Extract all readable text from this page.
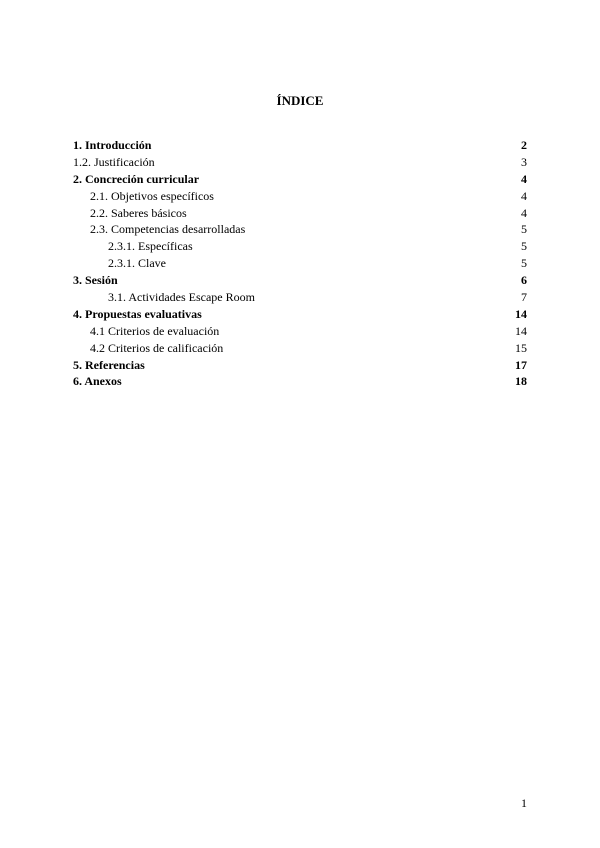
ÍNDICE
1. Introducción	2
1.2. Justificación	3
2. Concreción curricular	4
2.1. Objetivos específicos	4
2.2. Saberes básicos	4
2.3. Competencias desarrolladas	5
2.3.1. Específicas	5
2.3.1. Clave	5
3. Sesión	6
3.1. Actividades Escape Room	7
4. Propuestas evaluativas	14
4.1 Criterios de evaluación	14
4.2 Criterios de calificación	15
5. Referencias	17
6. Anexos	18
1
